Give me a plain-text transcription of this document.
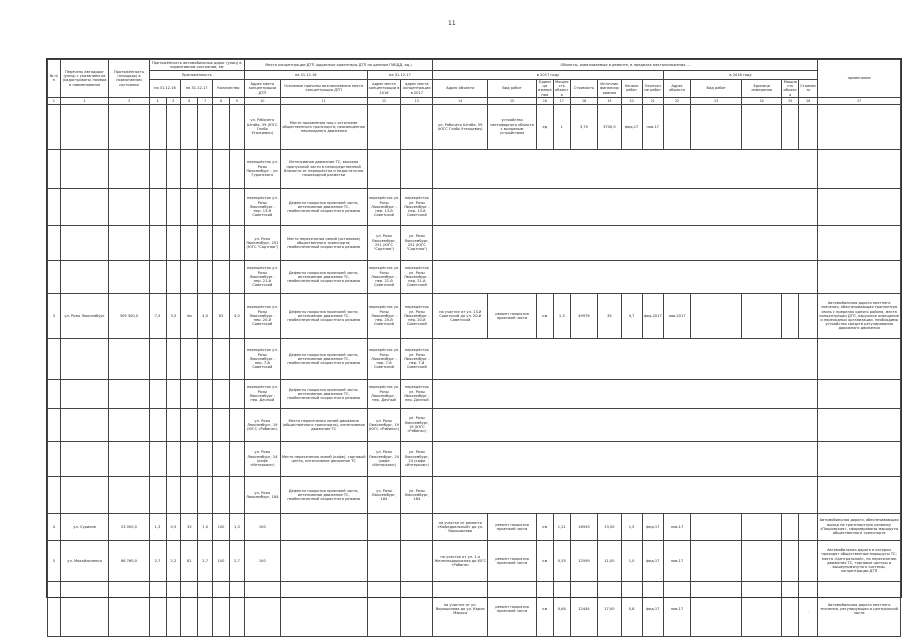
11
№ п/п	Перечень автодорог (улиц) с указанием их (кадастрового) номера и наименования	Протяжённость (площадь) в нормативном состоянии	Протяжённость автомобильных дорог (улиц) в нормативном состоянии, км						Место концентрации ДТП (адресные ориентиры ДТП по данным ГИБДД, ед.)				Объекты, охватываемые в ремонте, в пределах местоположения ...													примечание
			Протяжённость						на 31.12.16		на 31.12.17		в 2017 году								в 2018 году					
			на 31.12.16		на 31.12.17		Количество		Адрес места концентрации ДТП	Основные причины возникновения места концентрации ДТП	адрес места концентрации в 2016	адрес места концентрации в 2017	Адрес объекта	Вид работ	Единица измерения	Мощность объекта	Стоимость	Источник финансирования	Начало работ	Окончание работ	Адрес объекта	Вид работ	Единица измерения	Мощность объекта	Стоимость	
1	2	3	4	5	6	7	8	9	10	11	12	13	14	15	16	17	18	19	20	21	22	23	24	25	26	27
									ул. Рабочего Штаба, 59 (ЮГС Глобь Утанцевич)	Место проявления лиц с остатками общественного транспорта; неосвещённое пешеходного движения			ул. Рабочего Штаба, 59 (ЮГС Глобь Утанцевич)	устройство светофорного объекта с вызывным устройством	ед	1	3,70	3700,0	фед.17	нов.17						
									перекрёсток ул. Розы Люксембург - ул. Гуринского	Интенсивное движение ТС, высокая пропускной части в непосредственной близости от перекрёстка и недостаточно пешеходной разметки																
									перекрёсток ул. Розы Люксембург - пер. 13-й Советский	Дефекты покрытия проезжей части, интенсивное движение ТС, необеспеченный скоростного режима	перекрёсток ул. Розы Люксембург - пер. 13-й Советский	перекрёсток ул. Розы Люксембург - пер. 13-й Советский														
									ул. Розы Люксембург, 251 (ЮГС "Сортная")	Места пересечения линий (остановок) общественного транспорта; необеспеченный скоростного режима	ул. Розы Люксембург, 251 (ЮГС "Сортная")	ул. Розы Люксембург, 251 (ЮГС "Сортная")														
									перекрёсток ул. Розы Люксембург - пер. 21-й Советский	Дефекты покрытия проезжей части, интенсивное движение ТС, необеспеченный скоростного режима	перекрёсток ул. Розы Люксембург - пер. 21-й Советский	перекрёсток ул. Розы Люксембург - пер. 21-й Советский														
3	ул. Розы Люксембург	309 300,0	7,5	3,5	4м	4,0	63	4,0	перекрёсток ул. Розы Люксембург - пер. 20-й Советский	Дефекты покрытия проезжей части, интенсивное движение ТС, необеспеченный скоростного режима	перекрёсток ул. Розы Люксембург - пер. 20-й Советский	перекрёсток ул. Розы Люксембург - пер. 20-й Советский	на участке от ул. 13-й Советский до ул. 20-й Советский	ремонт покрытия проезжей части	км	1,3	49976	35	0,7	фед.2017	нов.2017					Автомобильная дорога местного значения, обеспечивающая транзитную связь с пределах одного района, места концентрации ДТП, наружное освещение и переходных организации, необходимо устройство средств регулирования дорожного движения
									перекрёсток ул. Розы Люксембург - пер. 7-й Советский	Дефекты покрытия проезжей части, интенсивное движение ТС, необеспеченный скоростного режима	перекрёсток ул. Розы Люксембург - пер. 7-й Советский	перекрёсток ул. Розы Люксембург - пер. 7-й Советский														
									перекрёсток ул. Розы Люксембург - пер. Дачный	Дефекты покрытия проезжей части, интенсивное движение ТС, необеспеченный скоростного режима	перекрёсток ул. Розы Люксембург - пер. Дачный	перекрёсток ул. Розы Люксембург - пер. Дачный														
									ул. Розы Люксембург, 19 (ЮГС «Рябина»)	Место пересечения линий движения (общественного транспорта), интенсивное движение ТС	ул. Розы Люксембург, 19 (ЮГС «Рябина»)	ул. Розы Люксембург, 19 (ЮГС «Рябина»)														
									ул. Розы Люксембург, 24 (кафе «Интерком»)	Место пересечения линий (кафе), торговый центр, интенсивное движение ТС	ул. Розы Люксембург, 24 (кафе «Интерком»)	ул. Розы Люксембург, 24 (кафе «Интерком»)														
									ул. Розы Люксембург, 184	Дефекты покрытия проезжей части, интенсивное движение ТС, необеспеченный скоростного режима	ул. Розы Люксембург, 184	ул. Розы Люксембург, 184														
4	ул. Суриков	23 000,0	1,3	0,5	33	1,0	100	1,3	100				на участке от ремонта «Кафедральный» до ул. Ворошилова	ремонт покрытия проезжей части	км	1,21	16943	13,50	1,5	фед.17	нов.17					Автомобильная дорога, обеспечивающая выход на транспортную развязку «Покровская», сформированы маршруты общественного транспорта
5	ул. Михайличенко	66 760,0	2,7	2,2	81	2,7	100	2,7	100				на участке от ул. 1-я Железнодорожная до ЮГС «Рябина»	ремонт покрытия проезжей части	км	0,55	12599	11,00	1,0	фед.17	нов.17					Автомобильная дорога в которых проходят общественные маршруты ТС; места «Центральной», на пересечении движения ТС, торговые центры и вышеупомянутого системы, концентрации ДТП
													на участке от ул. Ворошилова до ул. Карла Маркса	ремонт покрытия проезжей части	км	0,64	12444	17,00	0,8	фед.17	нов.17					Автомобильная дорога местного значения, регулирующая и центральной части
·
